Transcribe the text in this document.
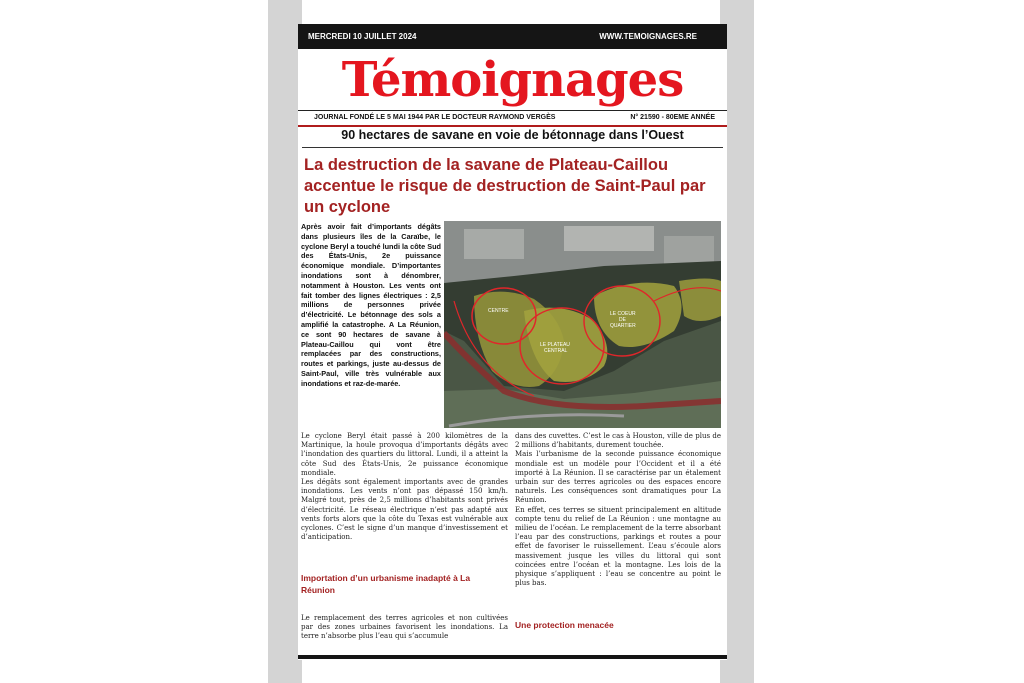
MERCREDI 10 JUILLET 2024	WWW.TEMOIGNAGES.RE
Témoignages
JOURNAL FONDÉ LE 5 MAI 1944 PAR LE DOCTEUR RAYMOND VERGÈS	N° 21590 - 80EME ANNÉE
90 hectares de savane en voie de bétonnage dans l’Ouest
La destruction de la savane de Plateau-Caillou accentue le risque de destruction de Saint-Paul par un cyclone
Après avoir fait d’importants dégâts dans plusieurs îles de la Caraïbe, le cyclone Beryl a touché lundi la côte Sud des États-Unis, 2e puissance économique mondiale. D’importantes inondations sont à dénombrer, notamment à Houston. Les vents ont fait tomber des lignes électriques : 2,5 millions de personnes privée d’électricité. Le bétonnage des sols a amplifié la catastrophe. A La Réunion, ce sont 90 hectares de savane à Plateau-Caillou qui vont être remplacées par des constructions, routes et parkings, juste au-dessus de Saint-Paul, ville très vulnérable aux inondations et raz-de-marée.
CENTRE
LE PLATEAU
CENTRAL
LE COEUR
DE
QUARTIER
Le cyclone Beryl était passé à 200 kilomètres de la Martinique, la houle provoqua d’importants dégâts avec l’inondation des quartiers du littoral. Lundi, il a atteint la côte Sud des États-Unis, 2e puissance économique mondiale.
Les dégâts sont également importants avec de grandes inondations. Les vents n’ont pas dépassé 150 km/h. Malgré tout, près de 2,5 millions d’habitants sont privés d’électricité. Le réseau électrique n’est pas adapté aux vents forts alors que la côte du Texas est vulnérable aux cyclones. C’est le signe d’un manque d’investissement et d’anticipation.
Importation d’un urbanisme inadapté à La Réunion
Le remplacement des terres agricoles et non cultivées par des zones urbaines favorisent les inondations. La terre n’absorbe plus l’eau qui s’accumule
dans des cuvettes. C’est le cas à Houston, ville de plus de 2 millions d’habitants, durement touchée.
Mais l’urbanisme de la seconde puissance économique mondiale est un modèle pour l’Occident et il a été importé à La Réunion. Il se caractérise par un étalement urbain sur des terres agricoles ou des espaces encore naturels. Les conséquences sont dramatiques pour La Réunion.
En effet, ces terres se situent principalement en altitude compte tenu du relief de La Réunion : une montagne au milieu de l’océan. Le remplacement de la terre absorbant l’eau par des constructions, parkings et routes a pour effet de favoriser le ruissellement. L’eau s’écoule alors massivement jusque les villes du littoral qui sont coincées entre l’océan et la montagne. Les lois de la physique s’appliquent : l’eau se concentre au point le plus bas.
Une protection menacée
